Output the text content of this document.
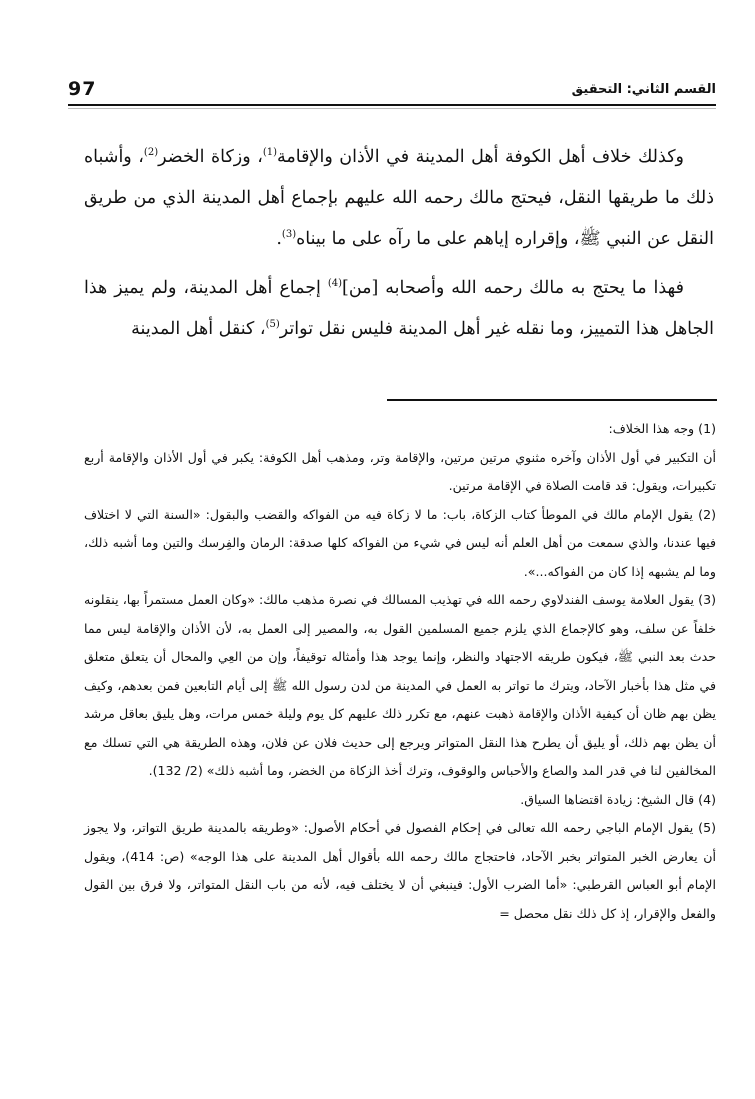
97	القسم الثاني: التحقيق

وكذلك خلاف أهل الكوفة أهل المدينة في الأذان والإقامة$^{(1)}$، وزكاة الخضر$^{(2)}$، وأشباه ذلك ما طريقها النقل، فيحتج مالك رحمه الله عليهم بإجماع أهل المدينة الذي من طريق النقل عن النبي ﷺ، وإقراره إياهم على ما رآه على ما بيناه$^{(3)}$.

فهذا ما يحتج به مالك رحمه الله وأصحابه [من]$^{(4)}$ إجماع أهل المدينة، ولم يميز هذا الجاهل هذا التمييز، وما نقله غير أهل المدينة فليس نقل تواتر$^{(5)}$، كنقل أهل المدينة

(1) وجه هذا الخلاف:

أن التكبير في أول الأذان وآخره مثنوي مرتين مرتين، والإقامة وتر، ومذهب أهل الكوفة: يكبر في أول الأذان والإقامة أربع تكبيرات، ويقول: قد قامت الصلاة في الإقامة مرتين.

(2) يقول الإمام مالك في الموطأ كتاب الزكاة، باب: ما لا زكاة فيه من الفواكه والقضب والبقول: «السنة التي لا اختلاف فيها عندنا، والذي سمعت من أهل العلم أنه ليس في شيء من الفواكه كلها صدقة: الرمان والفِرسك والتين وما أشبه ذلك، وما لم يشبهه إذا كان من الفواكه...».

(3) يقول العلامة يوسف الفندلاوي رحمه الله في تهذيب المسالك في نصرة مذهب مالك: «وكان العمل مستمراً بها، ينقلونه خلفاً عن سلف، وهو كالإجماع الذي يلزم جميع المسلمين القول به، والمصير إلى العمل به، لأن الأذان والإقامة ليس مما حدث بعد النبي ﷺ، فيكون طريقه الاجتهاد والنظر، وإنما يوجد هذا وأمثاله توقيفاً، وإن من العِي والمحال أن يتعلق متعلق في مثل هذا بأخبار الآحاد، ويترك ما تواتر به العمل في المدينة من لدن رسول الله ﷺ إلى أيام التابعين فمن بعدهم، وكيف يظن بهم ظان أن كيفية الأذان والإقامة ذهبت عنهم، مع تكرر ذلك عليهم كل يوم وليلة خمس مرات، وهل يليق بعاقل مرشد أن يظن بهم ذلك، أو يليق أن يطرح هذا النقل المتواتر ويرجع إلى حديث فلان عن فلان، وهذه الطريقة هي التي تسلك مع المخالفين لنا في قدر المد والصاع والأحباس والوقوف، وترك أخذ الزكاة من الخضر، وما أشبه ذلك» (2/ 132).

(4) قال الشيخ: زيادة اقتضاها السياق.

(5) يقول الإمام الباجي رحمه الله تعالى في إحكام الفصول في أحكام الأصول: «وطريقه بالمدينة طريق التواتر، ولا يجوز أن يعارض الخبر المتواتر بخبر الآحاد، فاحتجاج مالك رحمه الله بأقوال أهل المدينة على هذا الوجه» (ص: 414)، ويقول الإمام أبو العباس القرطبي: «أما الضرب الأول: فينبغي أن لا يختلف فيه، لأنه من باب النقل المتواتر، ولا فرق بين القول والفعل والإقرار، إذ كل ذلك نقل محصل =
